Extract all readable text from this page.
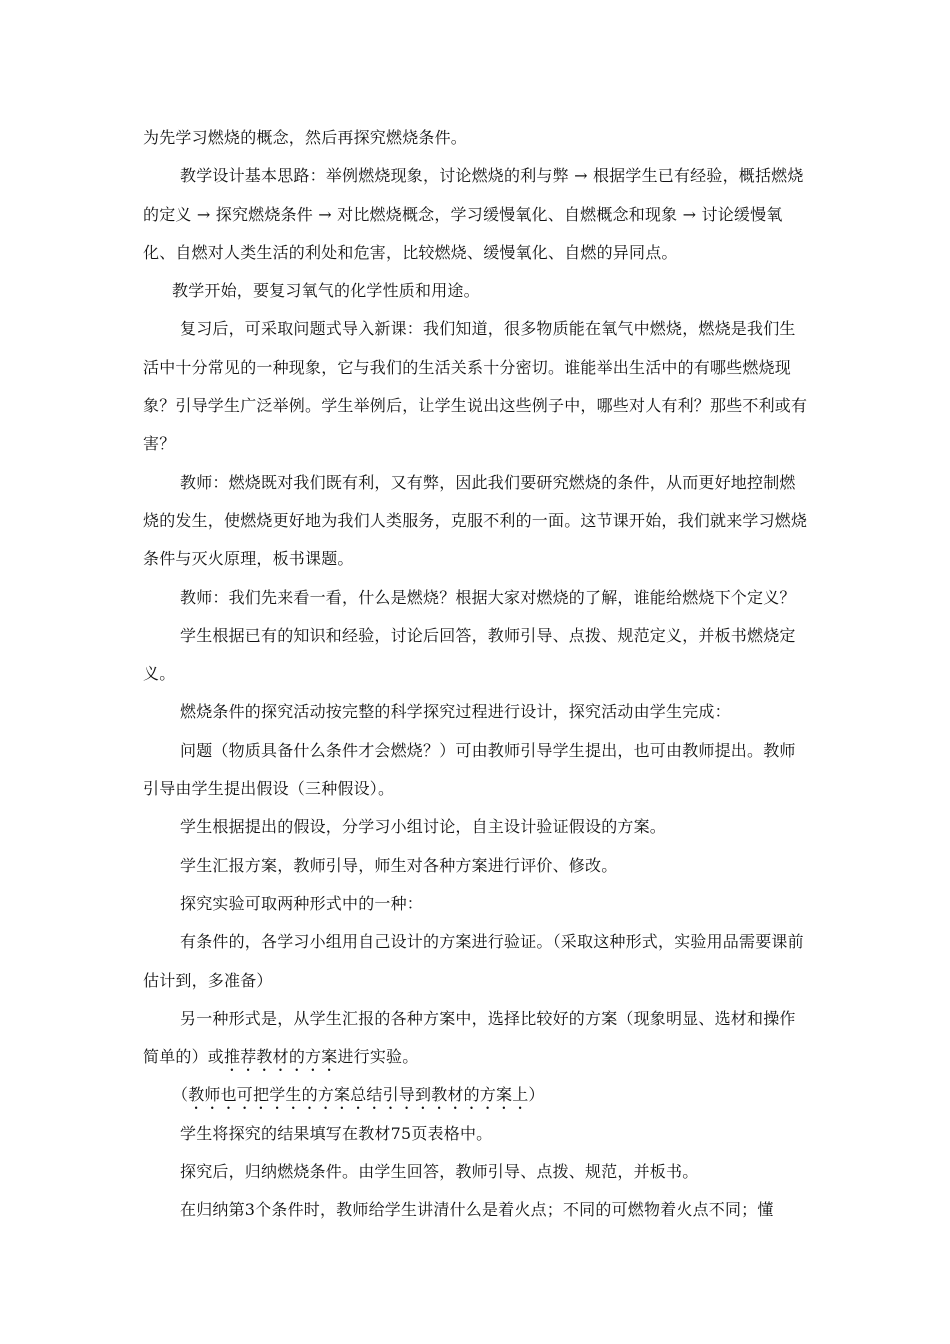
为先学习燃烧的概念，然后再探究燃烧条件。

教学设计基本思路：举例燃烧现象，讨论燃烧的利与弊 → 根据学生已有经验，概括燃烧的定义 → 探究燃烧条件 → 对比燃烧概念，学习缓慢氧化、自燃概念和现象 → 讨论缓慢氧化、自燃对人类生活的利处和危害，比较燃烧、缓慢氧化、自燃的异同点。

教学开始，要复习氧气的化学性质和用途。

复习后，可采取问题式导入新课：我们知道，很多物质能在氧气中燃烧，燃烧是我们生活中十分常见的一种现象，它与我们的生活关系十分密切。谁能举出生活中的有哪些燃烧现象？引导学生广泛举例。学生举例后，让学生说出这些例子中，哪些对人有利？那些不利或有害？

教师：燃烧既对我们既有利，又有弊，因此我们要研究燃烧的条件，从而更好地控制燃烧的发生，使燃烧更好地为我们人类服务，克服不利的一面。这节课开始，我们就来学习燃烧条件与灭火原理，板书课题。

教师：我们先来看一看，什么是燃烧？根据大家对燃烧的了解，谁能给燃烧下个定义？

学生根据已有的知识和经验，讨论后回答，教师引导、点拨、规范定义，并板书燃烧定义。

燃烧条件的探究活动按完整的科学探究过程进行设计，探究活动由学生完成：

问题（物质具备什么条件才会燃烧？）可由教师引导学生提出，也可由教师提出。教师引导由学生提出假设（三种假设）。

学生根据提出的假设，分学习小组讨论，自主设计验证假设的方案。

学生汇报方案，教师引导，师生对各种方案进行评价、修改。

探究实验可取两种形式中的一种：

有条件的，各学习小组用自己设计的方案进行验证。（采取这种形式，实验用品需要课前估计到，多准备）

另一种形式是，从学生汇报的各种方案中，选择比较好的方案（现象明显、选材和操作简单的）或推荐教材的方案进行实验。

（教师也可把学生的方案总结引导到教材的方案上）

学生将探究的结果填写在教材75页表格中。

探究后，归纳燃烧条件。由学生回答，教师引导、点拨、规范，并板书。

在归纳第3个条件时，教师给学生讲清什么是着火点；不同的可燃物着火点不同；懂
